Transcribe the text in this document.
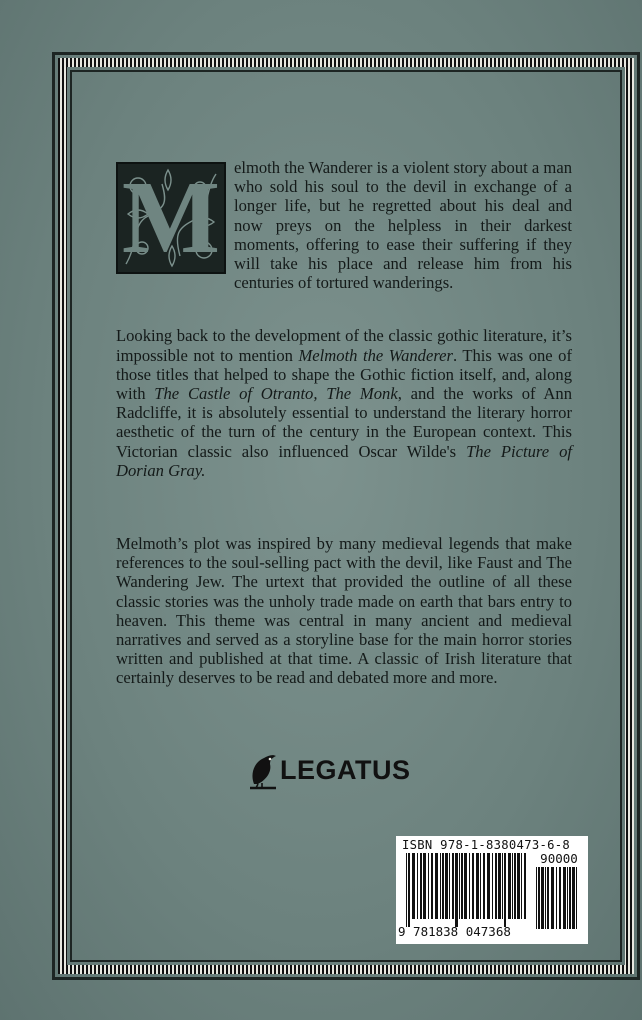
M elmoth the Wanderer is a violent story about a man who sold his soul to the devil in exchange of a longer life, but he regretted about his deal and now preys on the helpless in their darkest moments, offering to ease their suffering if they will take his place and release him from his centuries of tortured wanderings.

Looking back to the development of the classic gothic literature, it’s impossible not to mention Melmoth the Wanderer. This was one of those titles that helped to shape the Gothic fiction itself, and, along with The Castle of Otranto, The Monk, and the works of Ann Radcliffe, it is absolutely essential to understand the literary horror aesthetic of the turn of the century in the European context. This Victorian classic also influenced Oscar Wilde's The Picture of Dorian Gray.

Melmoth’s plot was inspired by many medieval legends that make references to the soul-selling pact with the devil, like Faust and The Wandering Jew. The urtext that provided the outline of all these classic stories was the unholy trade made on earth that bars entry to heaven. This theme was central in many ancient and medieval narratives and served as a storyline base for the main horror stories written and published at that time. A classic of Irish literature that certainly deserves to be read and debated more and more.

LEGATUS
ISBN 978-1-8380473-6-8
90000
9 781838 047368
